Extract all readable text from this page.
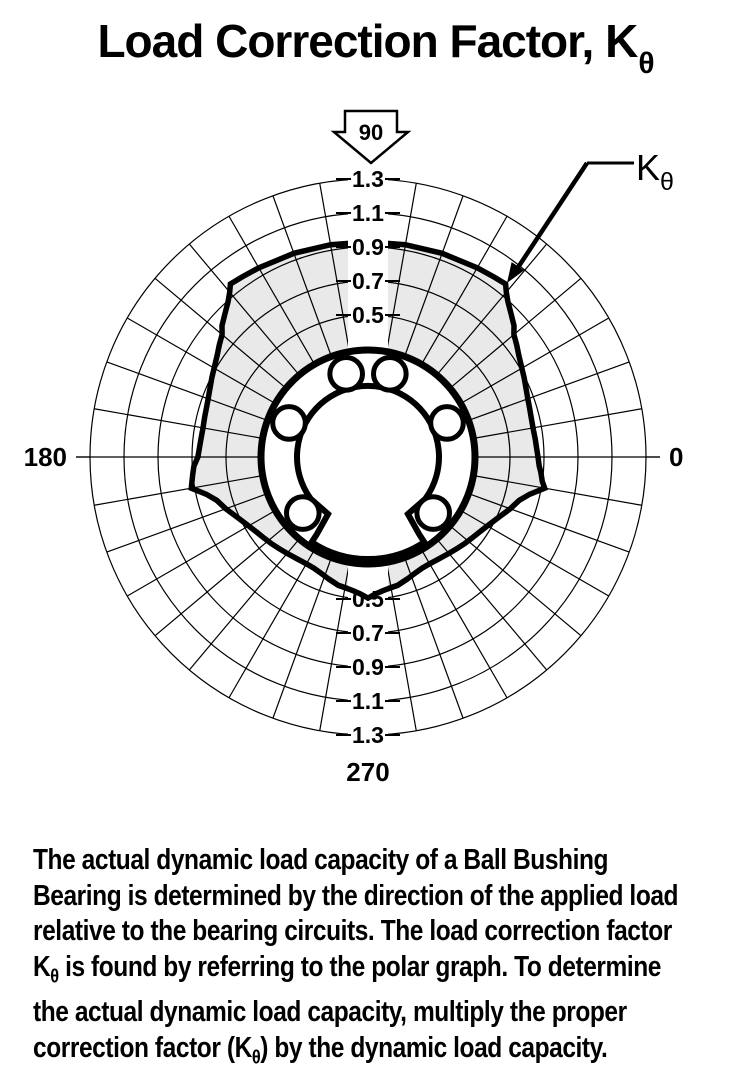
Load Correction Factor, $K_\theta$
1.3
1.3
1.1
1.1
0.9
0.9
0.7
0.7
0.5
0.5
90
0
180
270
$K_\theta$
The actual dynamic load capacity of a Ball Bushing
Bearing is determined by the direction of the applied load
relative to the bearing circuits. The load correction factor
$K_\theta$ is found by referring to the polar graph. To determine
the actual dynamic load capacity, multiply the proper
correction factor $(K_\theta)$ by the dynamic load capacity.
